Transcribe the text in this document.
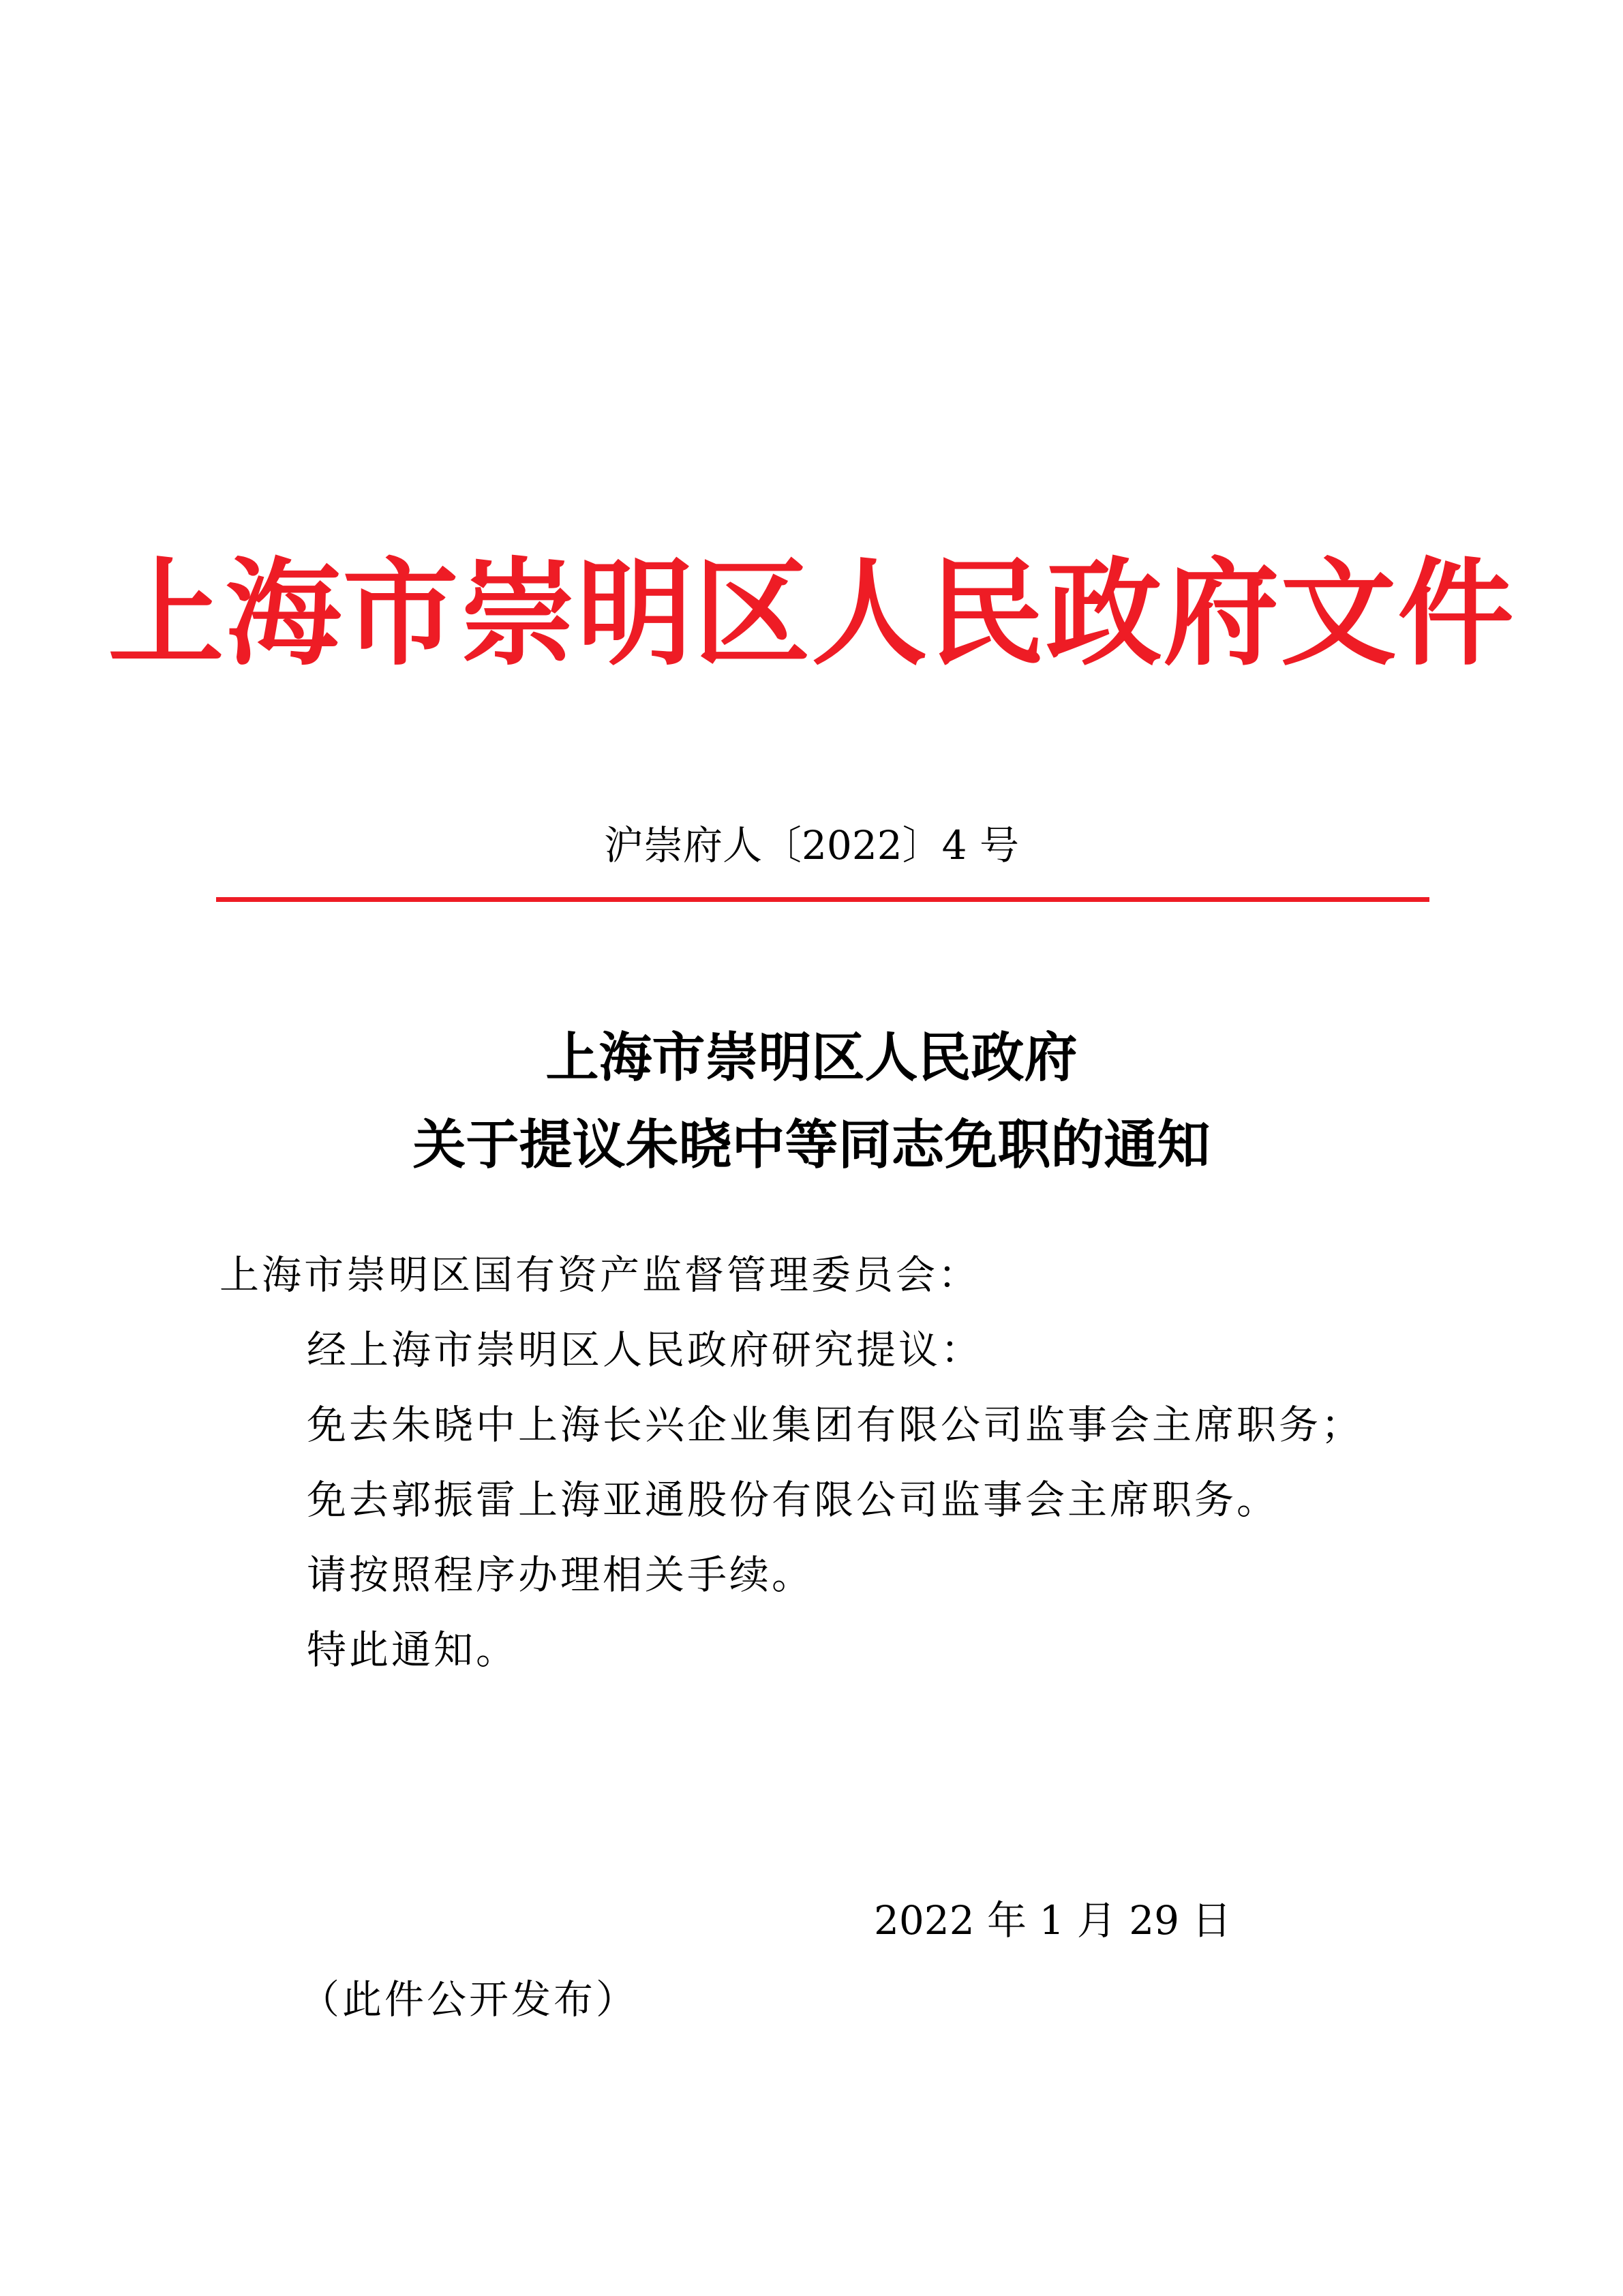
上海市崇明区人民政府文件
沪崇府人〔2022〕4 号
上海市崇明区人民政府
关于提议朱晓中等同志免职的通知
上海市崇明区国有资产监督管理委员会：
经上海市崇明区人民政府研究提议：
免去朱晓中上海长兴企业集团有限公司监事会主席职务；
免去郭振雷上海亚通股份有限公司监事会主席职务。
请按照程序办理相关手续。
特此通知。
2022 年 1 月 29 日
（此件公开发布）
